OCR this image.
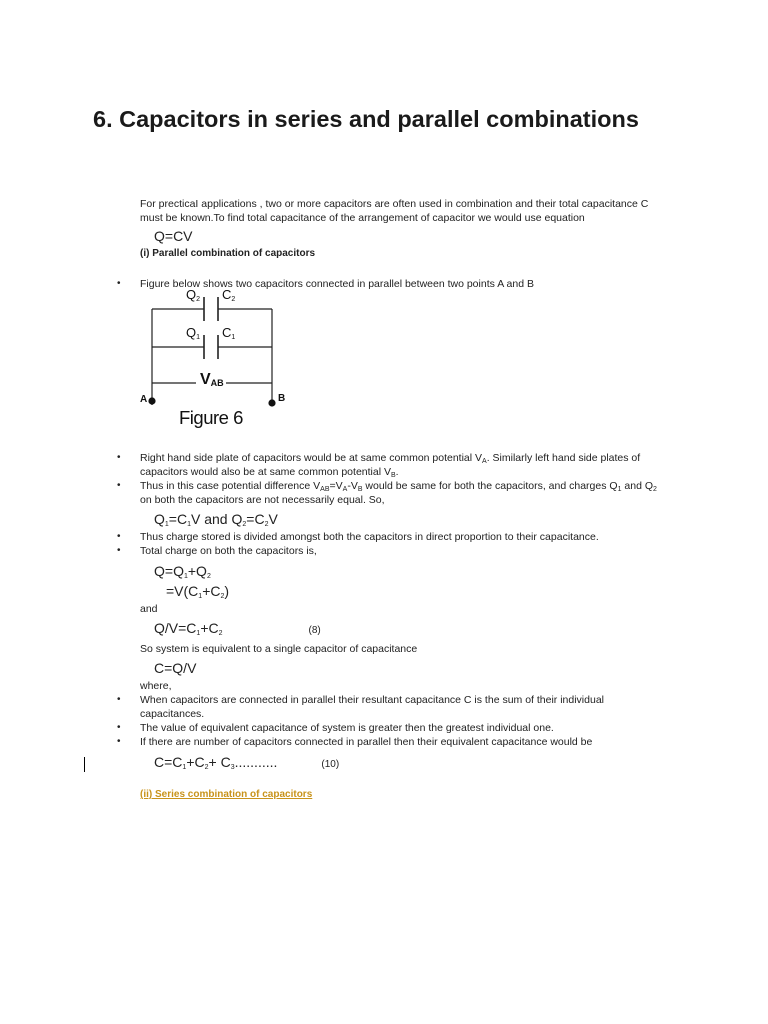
6. Capacitors in series and parallel combinations

For precticaI applications , two or more capacitors are often used in combination and their total capacitance C must be known.To find total capacitance of the arrangement of capacitor we would use equation

Q=CV

(i) Parallel combination of capacitors

• Figure below shows two capacitors connected in parallel between two points A and B
$Q_2$ $C_2$
$Q_1$ $C_1$
$V_{AB}$
A	B
Figure 6
• Right hand side plate of capacitors would be at same common potential $V_A$. Similarly left hand side plates of capacitors would also be at same common potential $V_B$.
• Thus in this case potential difference $V_{AB}=V_A-V_B$ would be same for both the capacitors, and charges $Q_1$ and $Q_2$ on both the capacitors are not necessarily equal. So,
$Q_1=C_1V$ and $Q_2=C_2V$
• Thus charge stored is divided amongst both the capacitors in direct proportion to their capacitance.
• Total charge on both the capacitors is,
$Q=Q_1+Q_2$
$=V(C_1+C_2)$

and

$Q/V=C_1+C_2$	(8)

So system is equivalent to a single capacitor of capacitance

C=Q/V

where,

• When capacitors are connected in parallel their resultant capacitance C is the sum of their individual capacitances.
• The value of equivalent capacitance of system is greater then the greatest individual one.
• If there are number of capacitors connected in parallel then their equivalent capacitance would be
$C=C_1+C_2+ C_3$...........	(10)

(ii) Series combination of capacitors
